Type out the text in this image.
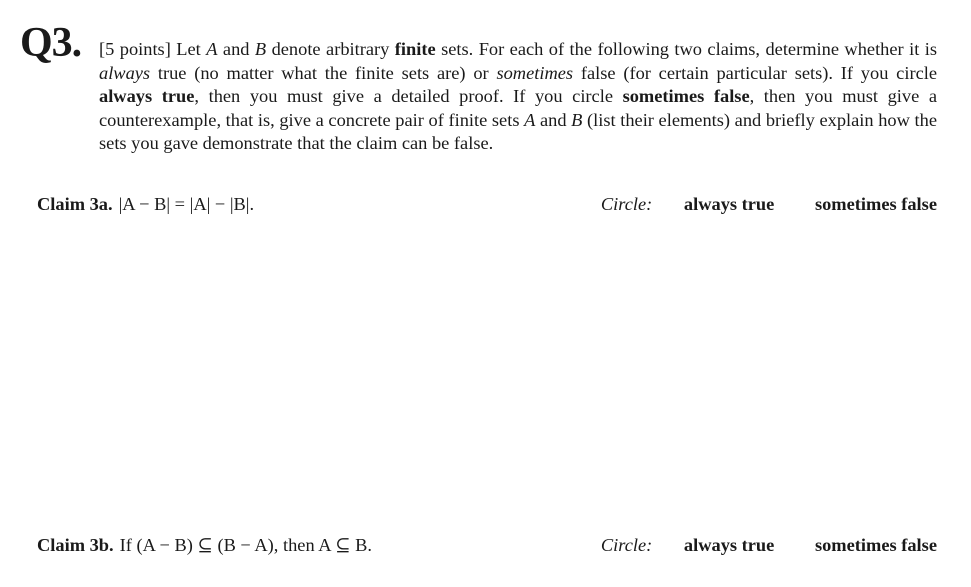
Q3. [5 points] Let A and B denote arbitrary finite sets. For each of the following two claims, determine whether it is always true (no matter what the finite sets are) or sometimes false (for certain particular sets). If you circle always true, then you must give a detailed proof. If you circle sometimes false, then you must give a counterexample, that is, give a concrete pair of finite sets A and B (list their elements) and briefly explain how the sets you gave demonstrate that the claim can be false.
Claim 3a. |A − B| = |A| − |B|.	Circle: always true sometimes false
Claim 3b. If (A − B) ⊆ (B − A), then A ⊆ B.	Circle: always true sometimes false
